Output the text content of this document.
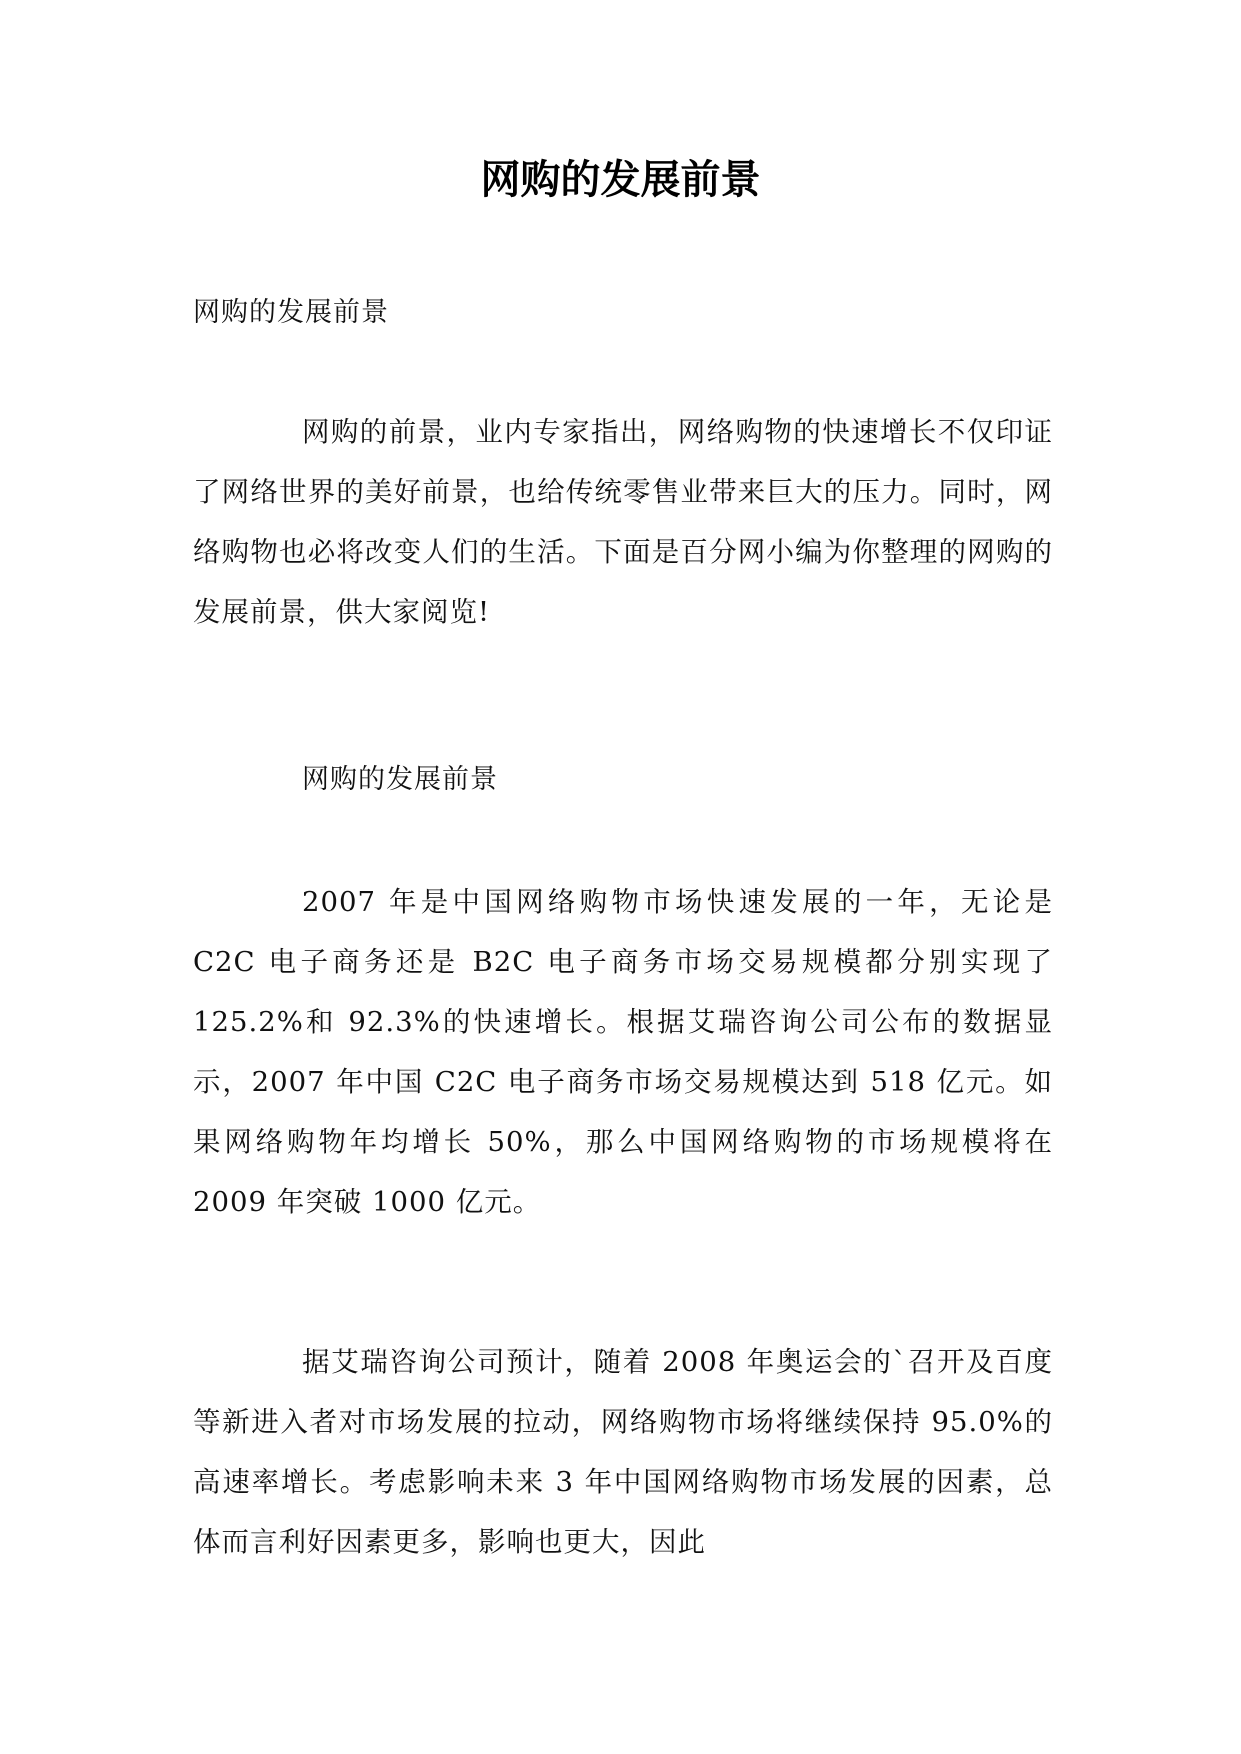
网购的发展前景

网购的发展前景

网购的前景，业内专家指出，网络购物的快速增长不仅印证了网络世界的美好前景，也给传统零售业带来巨大的压力。同时，网络购物也必将改变人们的生活。下面是百分网小编为你整理的网购的发展前景，供大家阅览!

网购的发展前景

2007 年是中国网络购物市场快速发展的一年，无论是 C2C 电子商务还是 B2C 电子商务市场交易规模都分别实现了 125.2%和 92.3%的快速增长。根据艾瑞咨询公司公布的数据显示，2007 年中国 C2C 电子商务市场交易规模达到 518 亿元。如果网络购物年均增长 50%，那么中国网络购物的市场规模将在 2009 年突破 1000 亿元。

据艾瑞咨询公司预计，随着 2008 年奥运会的`召开及百度等新进入者对市场发展的拉动，网络购物市场将继续保持 95.0%的高速率增长。考虑影响未来 3 年中国网络购物市场发展的因素，总体而言利好因素更多，影响也更大，因此
